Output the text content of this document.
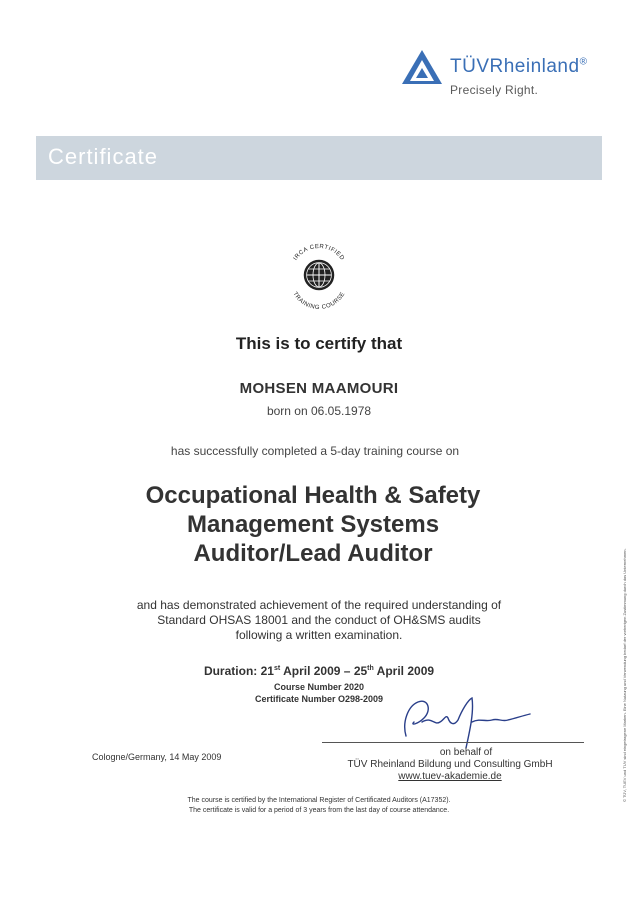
TÜVRheinland®
Precisely Right.
Certificate
IRCA CERTIFIED
TRAINING COURSE
This is to certify that
MOHSEN MAAMOURI
born on 06.05.1978
has successfully completed a 5-day training course on
Occupational Health & Safety
Management Systems
Auditor/Lead Auditor
and has demonstrated achievement of the required understanding of
Standard OHSAS 18001 and the conduct of OH&SMS audits
following a written examination.
Duration: 21st April 2009 – 25th April 2009
Course Number 2020
Certificate Number O298-2009
Cologne/Germany, 14 May 2009	on behalf of
TÜV Rheinland Bildung und Consulting GmbH
www.tuev-akademie.de
The course is certified by the International Register of Certificated Auditors (A17352).
The certificate is valid for a period of 3 years from the last day of course attendance.
© TÜV, TUEV und TUV sind eingetragene Marken. Eine Nutzung und Verwendung bedarf der vorherigen Zustimmung durch das Unternehmen.
